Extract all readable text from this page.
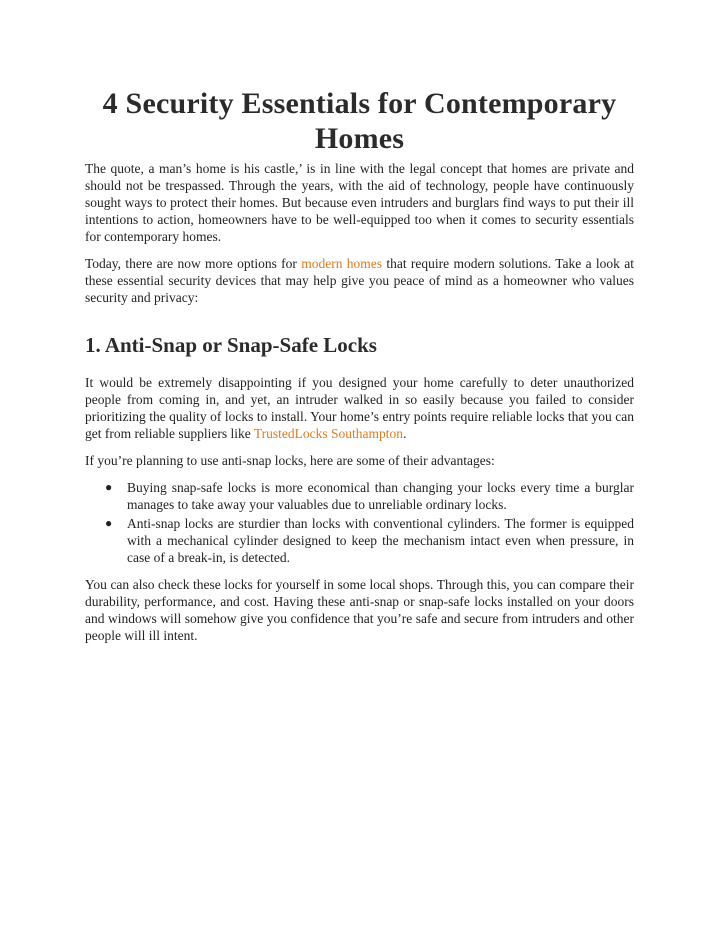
4 Security Essentials for Contemporary Homes

The quote, a man’s home is his castle,’ is in line with the legal concept that homes are private and should not be trespassed. Through the years, with the aid of technology, people have continuously sought ways to protect their homes. But because even intruders and burglars find ways to put their ill intentions to action, homeowners have to be well-equipped too when it comes to security essentials for contemporary homes.

Today, there are now more options for modern homes that require modern solutions. Take a look at these essential security devices that may help give you peace of mind as a homeowner who values security and privacy:

1. Anti-Snap or Snap-Safe Locks

It would be extremely disappointing if you designed your home carefully to deter unauthorized people from coming in, and yet, an intruder walked in so easily because you failed to consider prioritizing the quality of locks to install. Your home’s entry points require reliable locks that you can get from reliable suppliers like TrustedLocks Southampton.

If you’re planning to use anti-snap locks, here are some of their advantages:

● Buying snap-safe locks is more economical than changing your locks every time a burglar manages to take away your valuables due to unreliable ordinary locks.
● Anti-snap locks are sturdier than locks with conventional cylinders. The former is equipped with a mechanical cylinder designed to keep the mechanism intact even when pressure, in case of a break-in, is detected.

You can also check these locks for yourself in some local shops. Through this, you can compare their durability, performance, and cost. Having these anti-snap or snap-safe locks installed on your doors and windows will somehow give you confidence that you’re safe and secure from intruders and other people will ill intent.
